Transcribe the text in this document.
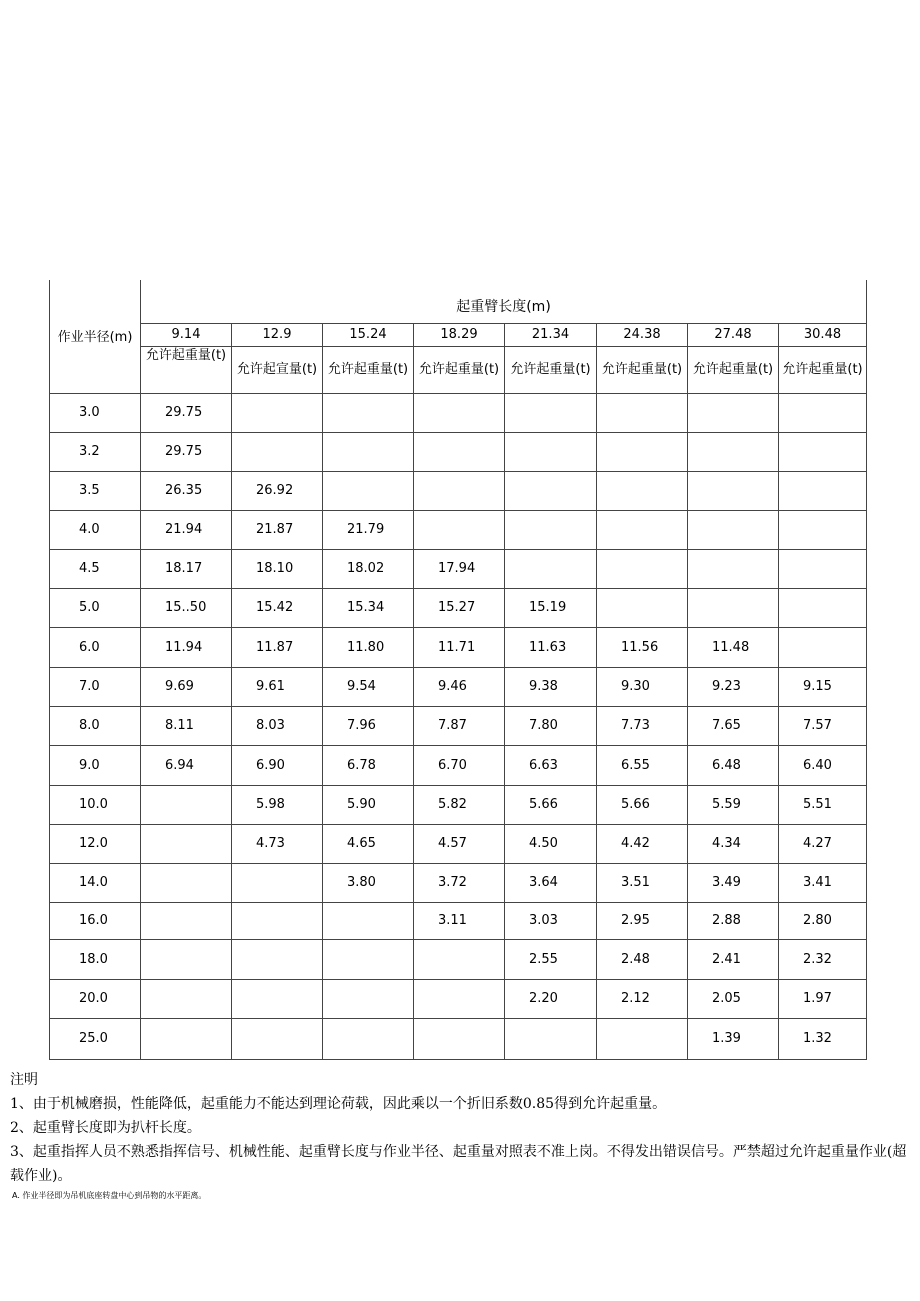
作业半径(m)	起重臂长度(m)							
	9.14	12.9	15.24	18.29	21.34	24.38	27.48	30.48
	允许起重量(t)	允许起宣量(t)	允许起重量(t)	允许起重量(t)	允许起重量(t)	允许起重量(t)	允许起重量(t)	允许起重量(t)
3.0	29.75							
3.2	29.75							
3.5	26.35	26.92						
4.0	21.94	21.87	21.79					
4.5	18.17	18.10	18.02	17.94				
5.0	15..50	15.42	15.34	15.27	15.19			
6.0	11.94	11.87	11.80	11.71	11.63	11.56	11.48	
7.0	9.69	9.61	9.54	9.46	9.38	9.30	9.23	9.15
8.0	8.11	8.03	7.96	7.87	7.80	7.73	7.65	7.57
9.0	6.94	6.90	6.78	6.70	6.63	6.55	6.48	6.40
10.0		5.98	5.90	5.82	5.66	5.66	5.59	5.51
12.0		4.73	4.65	4.57	4.50	4.42	4.34	4.27
14.0			3.80	3.72	3.64	3.51	3.49	3.41
16.0				3.11	3.03	2.95	2.88	2.80
18.0					2.55	2.48	2.41	2.32
20.0					2.20	2.12	2.05	1.97
25.0							1.39	1.32

注明

1、由于机械磨损，性能降低，起重能力不能达到理论荷载，因此乘以一个折旧系数0.85得到允许起重量。

2、起重臂长度即为扒杆长度。

3、起重指挥人员不熟悉指挥信号、机械性能、起重臂长度与作业半径、起重量对照表不准上岗。不得发出错误信号。严禁超过允许起重量作业(超载作业)。

A. 作业半径即为吊机底座转盘中心到吊物的水平距离。
